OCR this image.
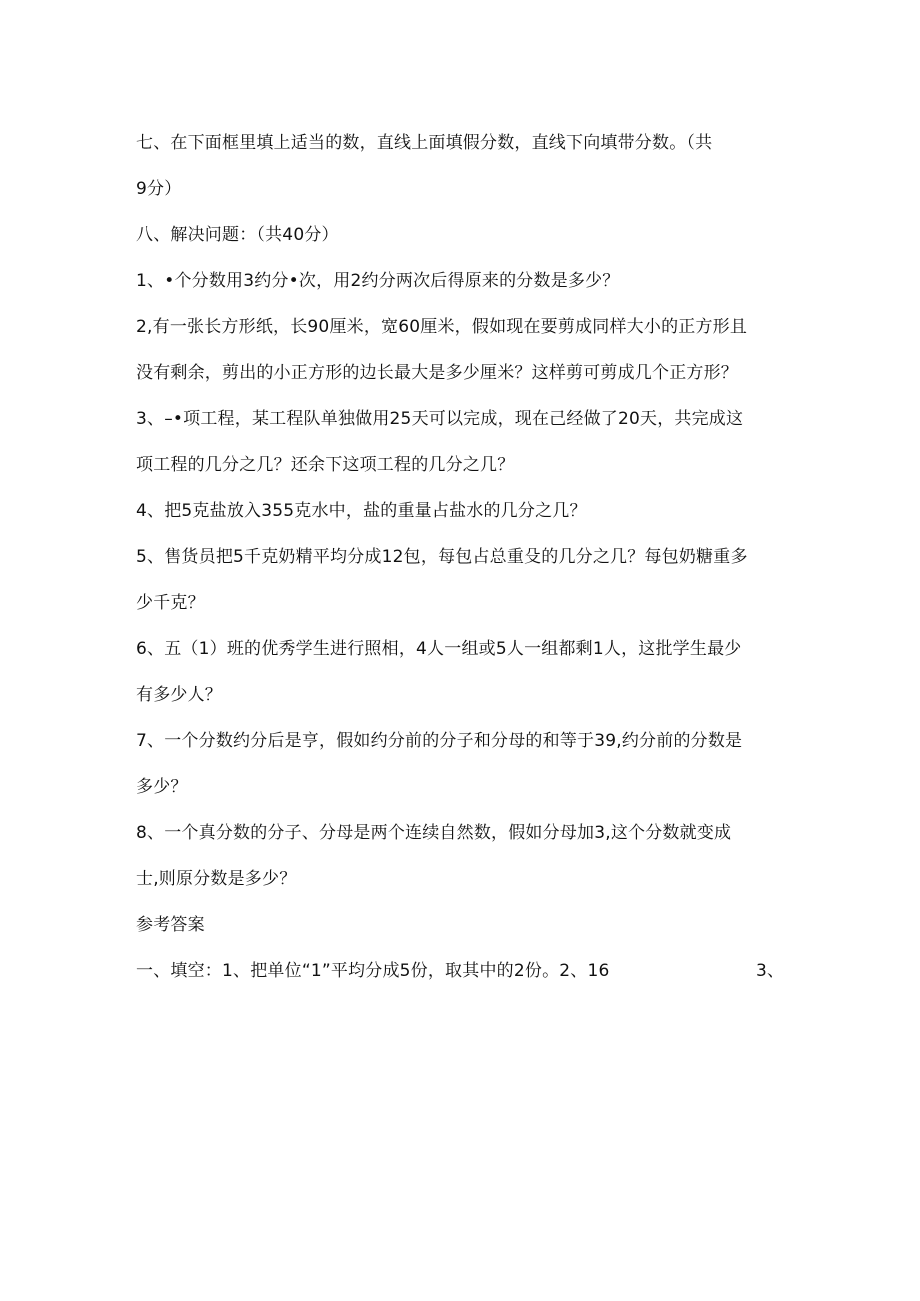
七、在下面框里填上适当的数，直线上面填假分数，直线下向填带分数。（共
9分）
八、解决问题：（共40分）
1、•个分数用3约分•次，用2约分两次后得原来的分数是多少？
2,有一张长方形纸，长90厘米，宽60厘米，假如现在要剪成同样大小的正方形且
没有剩余，剪出的小正方形的边长最大是多少厘米？这样剪可剪成几个正方形？
3、–•项工程，某工程队单独做用25天可以完成，现在己经做了20天，共完成这
项工程的几分之几？还余下这项工程的几分之几？
4、把5克盐放入355克水中，盐的重量占盐水的几分之几？
5、售货员把5千克奶精平均分成12包，每包占总重殳的几分之几？每包奶糖重多
少千克？
6、五（1）班的优秀学生进行照相，4人一组或5人一组都剩1人，这批学生最少
有多少人？
7、一个分数约分后是亨，假如约分前的分子和分母的和等于39,约分前的分数是
多少？
8、一个真分数的分子、分母是两个连续自然数，假如分母加3,这个分数就变成
士,则原分数是多少？
参考答案
一、填空：1、把单位“1”平均分成5份，取其中的2份。2、16	3、
